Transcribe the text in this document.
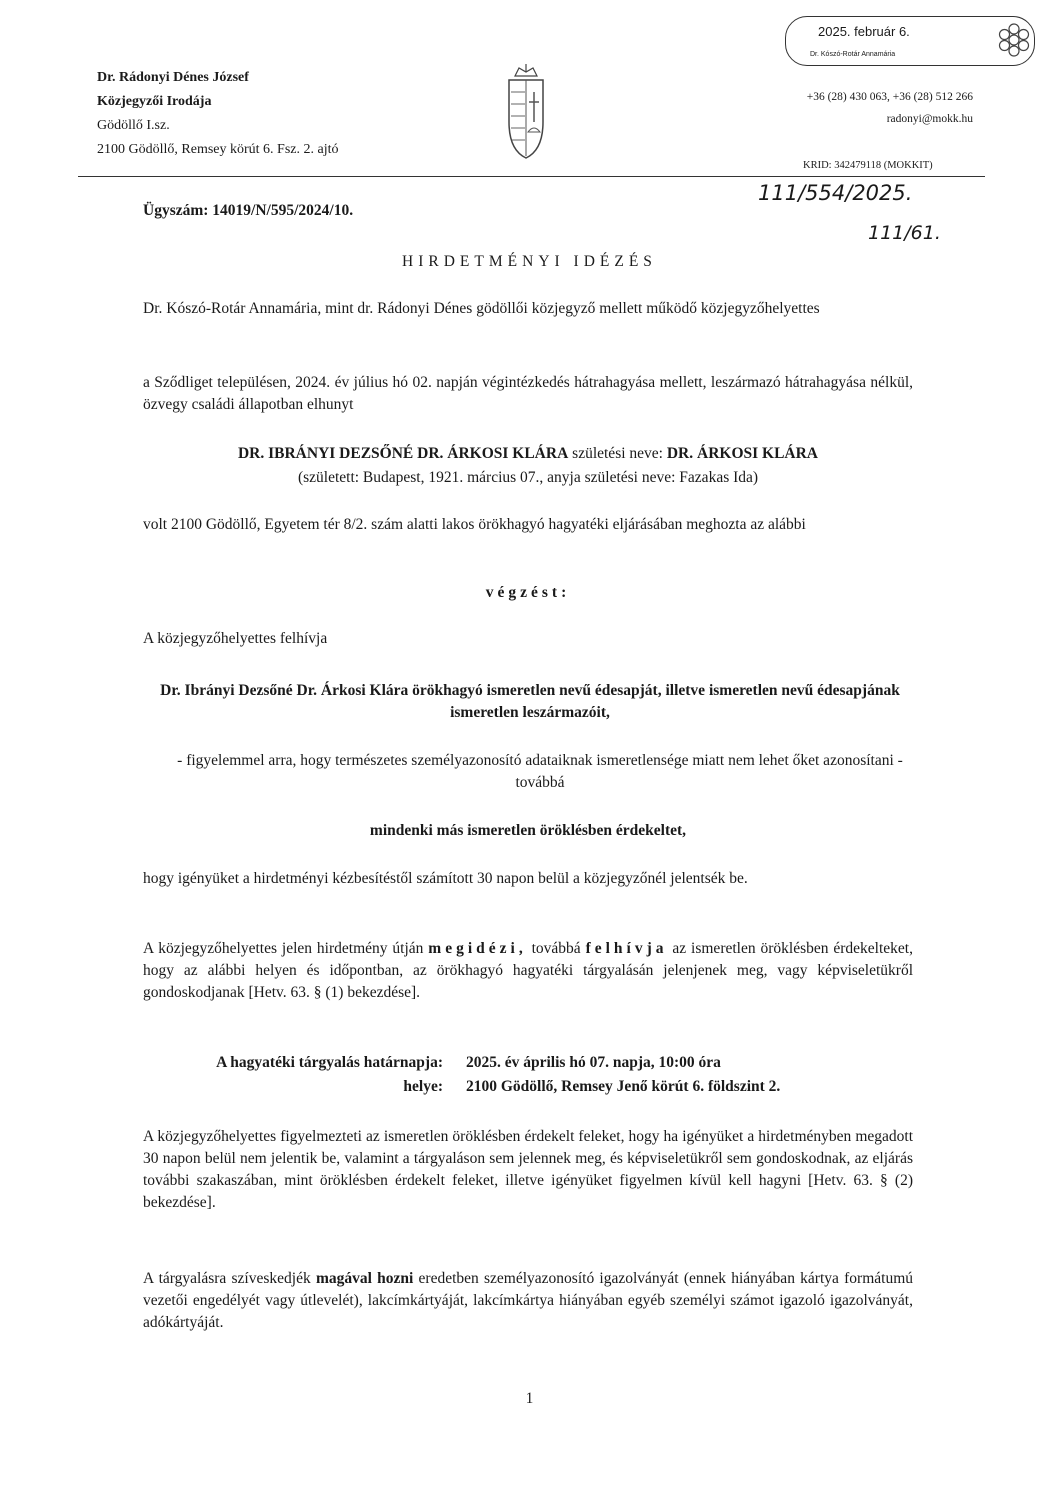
Dr. Rádonyi Dénes József
Közjegyzői Irodája
Gödöllő I.sz.
2100 Gödöllő, Remsey körút 6. Fsz. 2. ajtó
2025. február 6.
Dr. Kószó-Rotár Annamária
+36 (28) 430 063, +36 (28) 512 266
radonyi@mokk.hu
KRID: 342479118 (MOKKIT)
111/554/2025.
111/61.
Ügyszám: 14019/N/595/2024/10.
HIRDETMÉNYI IDÉZÉS
Dr. Kószó-Rotár Annamária, mint dr. Rádonyi Dénes gödöllői közjegyző mellett működő közjegyzőhelyettes
a Sződliget településen, 2024. év július hó 02. napján végintézkedés hátrahagyása mellett, leszármazó hátrahagyása nélkül, özvegy családi állapotban elhunyt
DR. IBRÁNYI DEZSŐNÉ DR. ÁRKOSI KLÁRA születési neve: DR. ÁRKOSI KLÁRA
(született: Budapest, 1921. március 07., anyja születési neve: Fazakas Ida)
volt 2100 Gödöllő, Egyetem tér 8/2. szám alatti lakos örökhagyó hagyatéki eljárásában meghozta az alábbi
végzést:
A közjegyzőhelyettes felhívja
Dr. Ibrányi Dezsőné Dr. Árkosi Klára örökhagyó ismeretlen nevű édesapját, illetve ismeretlen nevű édesapjának ismeretlen leszármazóit,
- figyelemmel arra, hogy természetes személyazonosító adataiknak ismeretlensége miatt nem lehet őket azonosítani - továbbá
mindenki más ismeretlen öröklésben érdekeltet,
hogy igényüket a hirdetményi kézbesítéstől számított 30 napon belül a közjegyzőnél jelentsék be.
A közjegyzőhelyettes jelen hirdetmény útján megidézi, továbbá felhívja az ismeretlen öröklésben érdekelteket, hogy az alábbi helyen és időpontban, az örökhagyó hagyatéki tárgyalásán jelenjenek meg, vagy képviseletükről gondoskodjanak [Hetv. 63. § (1) bekezdése].
A hagyatéki tárgyalás határnapja: 2025. év április hó 07. napja, 10:00 óra
helye: 2100 Gödöllő, Remsey Jenő körút 6. földszint 2.
A közjegyzőhelyettes figyelmezteti az ismeretlen öröklésben érdekelt feleket, hogy ha igényüket a hirdetményben megadott 30 napon belül nem jelentik be, valamint a tárgyaláson sem jelennek meg, és képviseletükről sem gondoskodnak, az eljárás további szakaszában, mint öröklésben érdekelt feleket, illetve igényüket figyelmen kívül kell hagyni [Hetv. 63. § (2) bekezdése].
A tárgyalásra szíveskedjék magával hozni eredetben személyazonosító igazolványát (ennek hiányában kártya formátumú vezetői engedélyét vagy útlevelét), lakcímkártyáját, lakcímkártya hiányában egyéb személyi számot igazoló igazolványát, adókártyáját.
1
